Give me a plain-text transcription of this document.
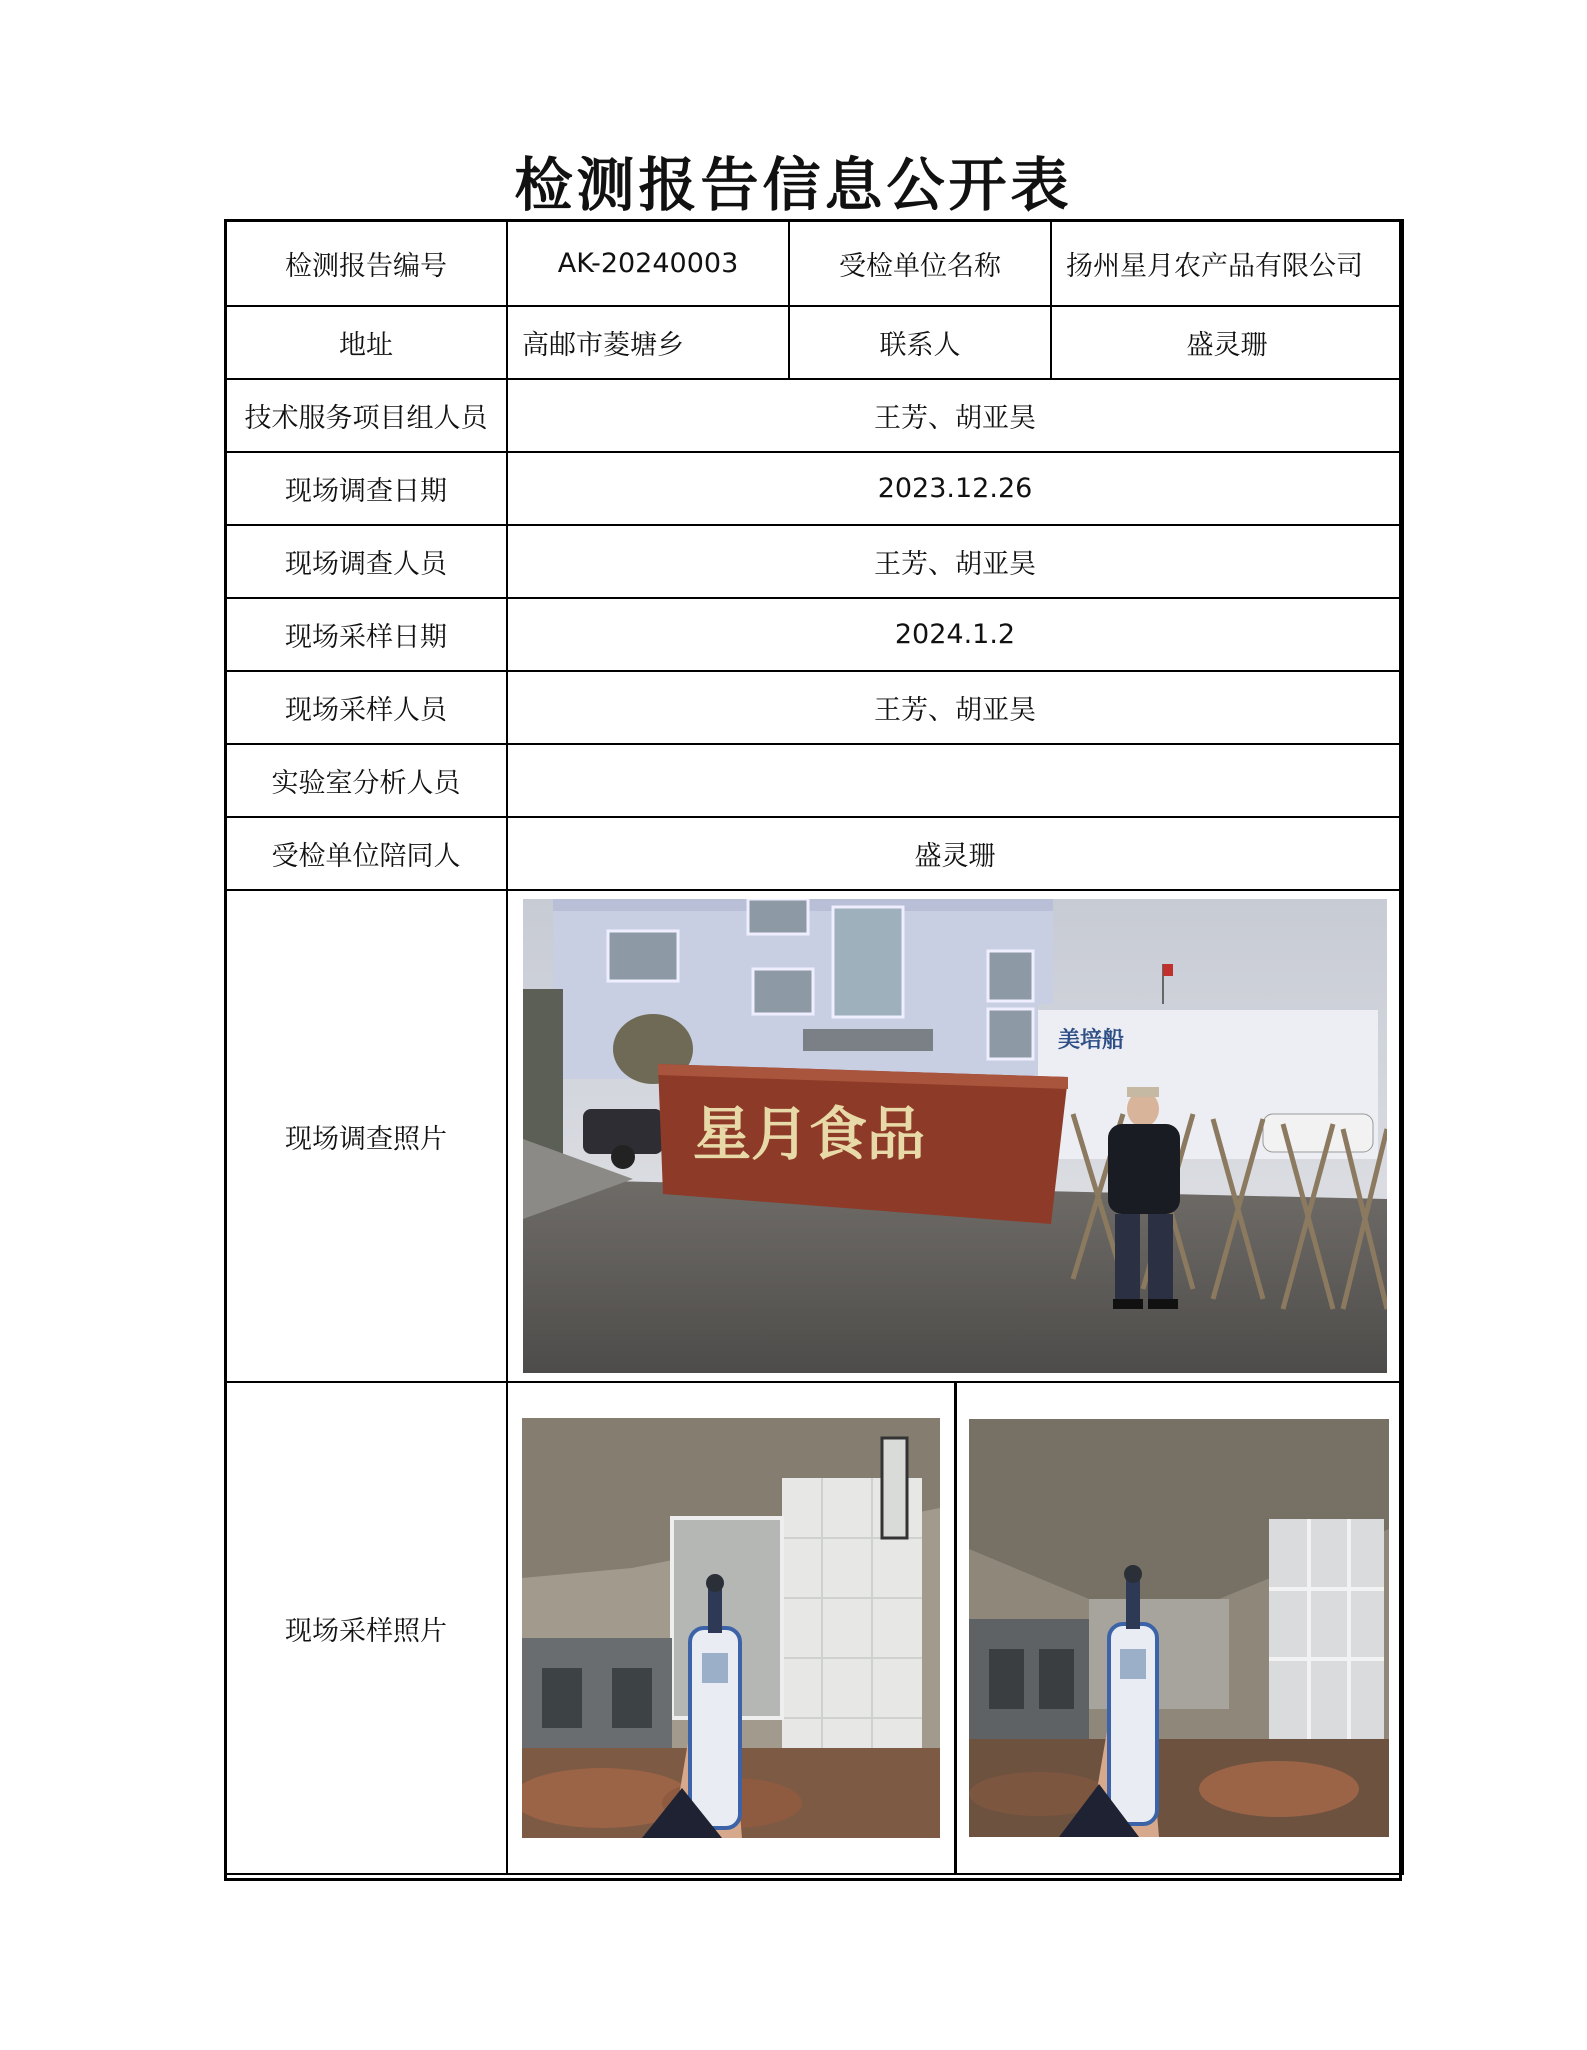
检测报告信息公开表
检测报告编号	AK-20240003	受检单位名称	扬州星月农产品有限公司
地址	高邮市菱塘乡	联系人	盛灵珊
技术服务项目组人员	王芳、胡亚昊		
现场调查日期	2023.12.26		
现场调查人员	王芳、胡亚昊		
现场采样日期	2024.1.2		
现场采样人员	王芳、胡亚昊		
实验室分析人员			
受检单位陪同人	盛灵珊		
现场调查照片	美培船
星月食品		

现场采样照片	
